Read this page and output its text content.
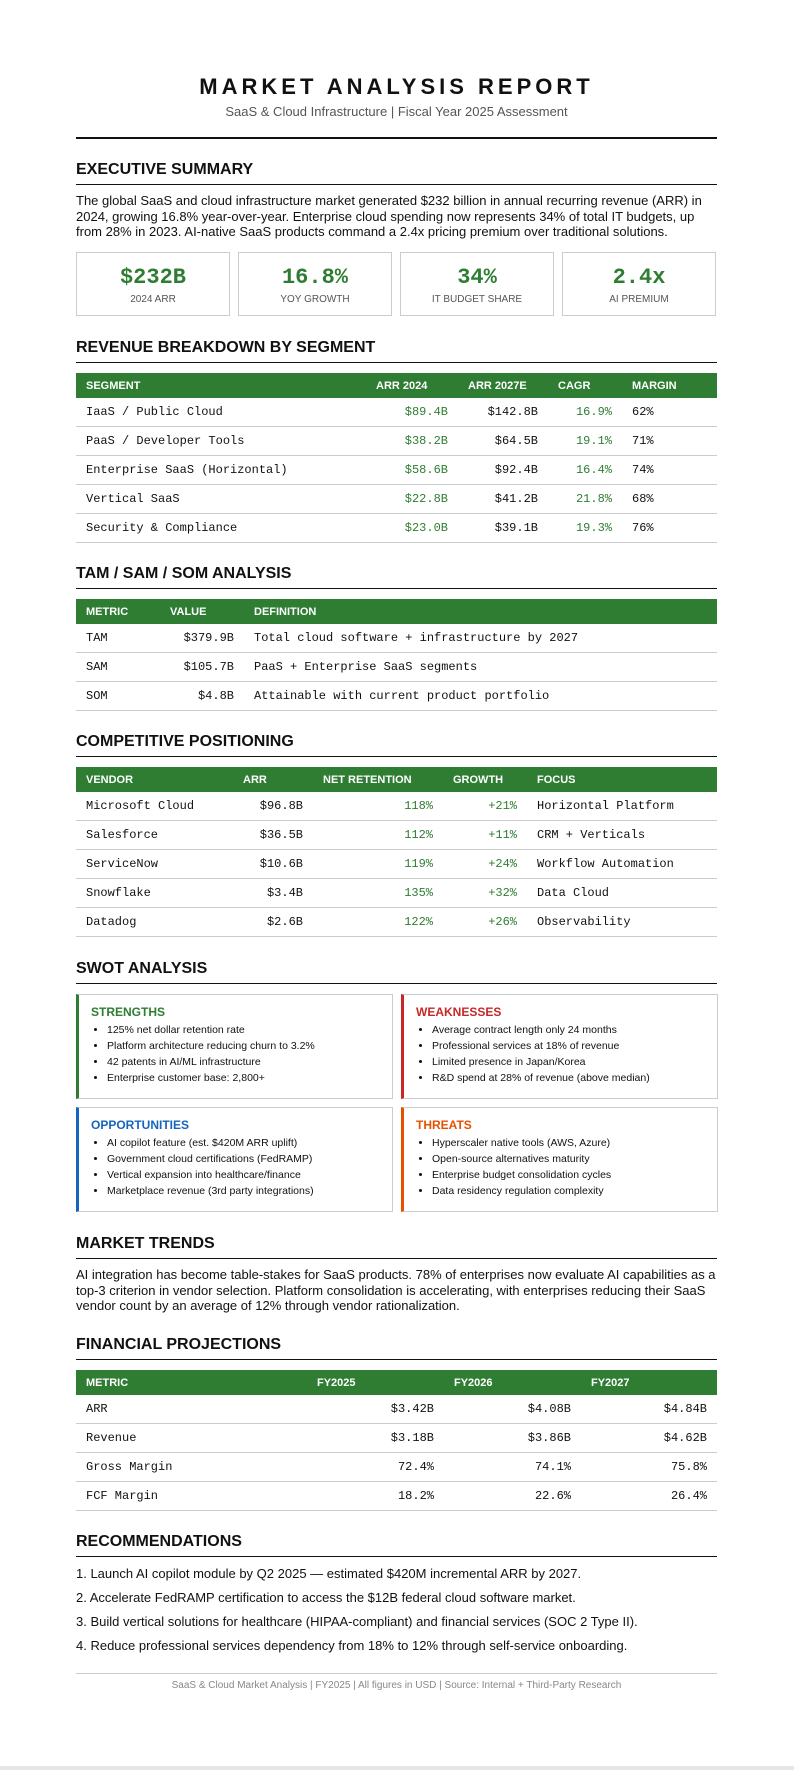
MARKET ANALYSIS REPORT
SaaS & Cloud Infrastructure | Fiscal Year 2025 Assessment
EXECUTIVE SUMMARY

The global SaaS and cloud infrastructure market generated $232 billion in annual recurring revenue (ARR) in 2024, growing 16.8% year-over-year. Enterprise cloud spending now represents 34% of total IT budgets, up from 28% in 2023. AI-native SaaS products command a 2.4x pricing premium over traditional solutions.

$232B
2024 ARR
16.8%
YOY GROWTH
34%
IT BUDGET SHARE
2.4x
AI PREMIUM
REVENUE BREAKDOWN BY SEGMENT
SEGMENT	ARR 2024	ARR 2027E	CAGR	MARGIN
IaaS / Public Cloud	$89.4B	$142.8B	16.9%	62%
PaaS / Developer Tools	$38.2B	$64.5B	19.1%	71%
Enterprise SaaS (Horizontal)	$58.6B	$92.4B	16.4%	74%
Vertical SaaS	$22.8B	$41.2B	21.8%	68%
Security & Compliance	$23.0B	$39.1B	19.3%	76%
TAM / SAM / SOM ANALYSIS
METRIC	VALUE	DEFINITION
TAM	$379.9B	Total cloud software + infrastructure by 2027
SAM	$105.7B	PaaS + Enterprise SaaS segments
SOM	$4.8B	Attainable with current product portfolio
COMPETITIVE POSITIONING
VENDOR	ARR	NET RETENTION	GROWTH	FOCUS
Microsoft Cloud	$96.8B	118%	+21%	Horizontal Platform
Salesforce	$36.5B	112%	+11%	CRM + Verticals
ServiceNow	$10.6B	119%	+24%	Workflow Automation
Snowflake	$3.4B	135%	+32%	Data Cloud
Datadog	$2.6B	122%	+26%	Observability
SWOT ANALYSIS
STRENGTHS
• 125% net dollar retention rate
• Platform architecture reducing churn to 3.2%
• 42 patents in AI/ML infrastructure
• Enterprise customer base: 2,800+
WEAKNESSES
• Average contract length only 24 months
• Professional services at 18% of revenue
• Limited presence in Japan/Korea
• R&D spend at 28% of revenue (above median)
OPPORTUNITIES
• AI copilot feature (est. $420M ARR uplift)
• Government cloud certifications (FedRAMP)
• Vertical expansion into healthcare/finance
• Marketplace revenue (3rd party integrations)
THREATS
• Hyperscaler native tools (AWS, Azure)
• Open-source alternatives maturity
• Enterprise budget consolidation cycles
• Data residency regulation complexity
MARKET TRENDS

AI integration has become table-stakes for SaaS products. 78% of enterprises now evaluate AI capabilities as a top-3 criterion in vendor selection. Platform consolidation is accelerating, with enterprises reducing their SaaS vendor count by an average of 12% through vendor rationalization.

FINANCIAL PROJECTIONS
METRIC	FY2025	FY2026	FY2027
ARR	$3.42B	$4.08B	$4.84B
Revenue	$3.18B	$3.86B	$4.62B
Gross Margin	72.4%	74.1%	75.8%
FCF Margin	18.2%	22.6%	26.4%
RECOMMENDATIONS
1. Launch AI copilot module by Q2 2025 — estimated $420M incremental ARR by 2027.
2. Accelerate FedRAMP certification to access the $12B federal cloud software market.
3. Build vertical solutions for healthcare (HIPAA-compliant) and financial services (SOC 2 Type II).
4. Reduce professional services dependency from 18% to 12% through self-service onboarding.
SaaS & Cloud Market Analysis | FY2025 | All figures in USD | Source: Internal + Third-Party Research
